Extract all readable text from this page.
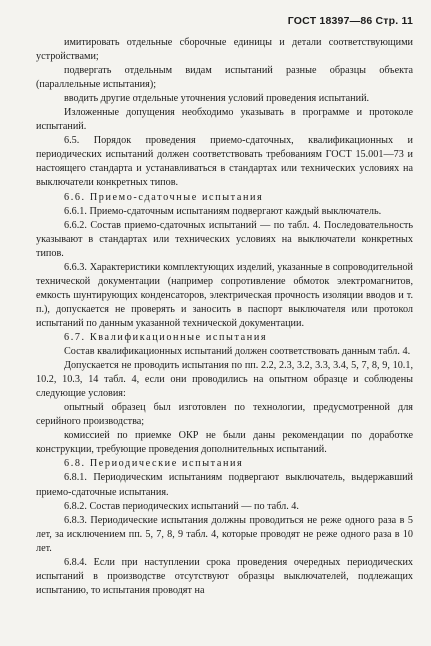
ГОСТ 18397—86 Стр. 11

имитировать отдельные сборочные единицы и детали соответствующими устройствами;

подвергать отдельным видам испытаний разные образцы объекта (параллельные испытания);

вводить другие отдельные уточнения условий проведения испытаний.

Изложенные допущения необходимо указывать в программе и протоколе испытаний.

6.5. Порядок проведения приемо-сдаточных, квалификационных и периодических испытаний должен соответствовать требованиям ГОСТ 15.001—73 и настоящего стандарта и устанавливаться в стандартах или технических условиях на выключатели конкретных типов.

6.6. Приемо-сдаточные испытания

6.6.1. Приемо-сдаточным испытаниям подвергают каждый выключатель.

6.6.2. Состав приемо-сдаточных испытаний — по табл. 4. Последовательность указывают в стандартах или технических условиях на выключатели конкретных типов.

6.6.3. Характеристики комплектующих изделий, указанные в сопроводительной технической документации (например сопротивление обмоток электромагнитов, емкость шунтирующих конденсаторов, электрическая прочность изоляции вводов и т. п.), допускается не проверять и заносить в паспорт выключателя или протокол испытаний по данным указанной технической документации.

6.7. Квалификационные испытания

Состав квалификационных испытаний должен соответствовать данным табл. 4.

Допускается не проводить испытания по пп. 2.2, 2.3, 3.2, 3.3, 3.4, 5, 7, 8, 9, 10.1, 10.2, 10.3, 14 табл. 4, если они проводились на опытном образце и соблюдены следующие условия:

опытный образец был изготовлен по технологии, предусмотренной для серийного производства;

комиссией по приемке ОКР не были даны рекомендации по доработке конструкции, требующие проведения дополнительных испытаний.

6.8. Периодические испытания

6.8.1. Периодическим испытаниям подвергают выключатель, выдержавший приемо-сдаточные испытания.

6.8.2. Состав периодических испытаний — по табл. 4.

6.8.3. Периодические испытания должны проводиться не реже одного раза в 5 лет, за исключением пп. 5, 7, 8, 9 табл. 4, которые проводят не реже одного раза в 10 лет.

6.8.4. Если при наступлении срока проведения очередных периодических испытаний в производстве отсутствуют образцы выключателей, подлежащих испытанию, то испытания проводят на
